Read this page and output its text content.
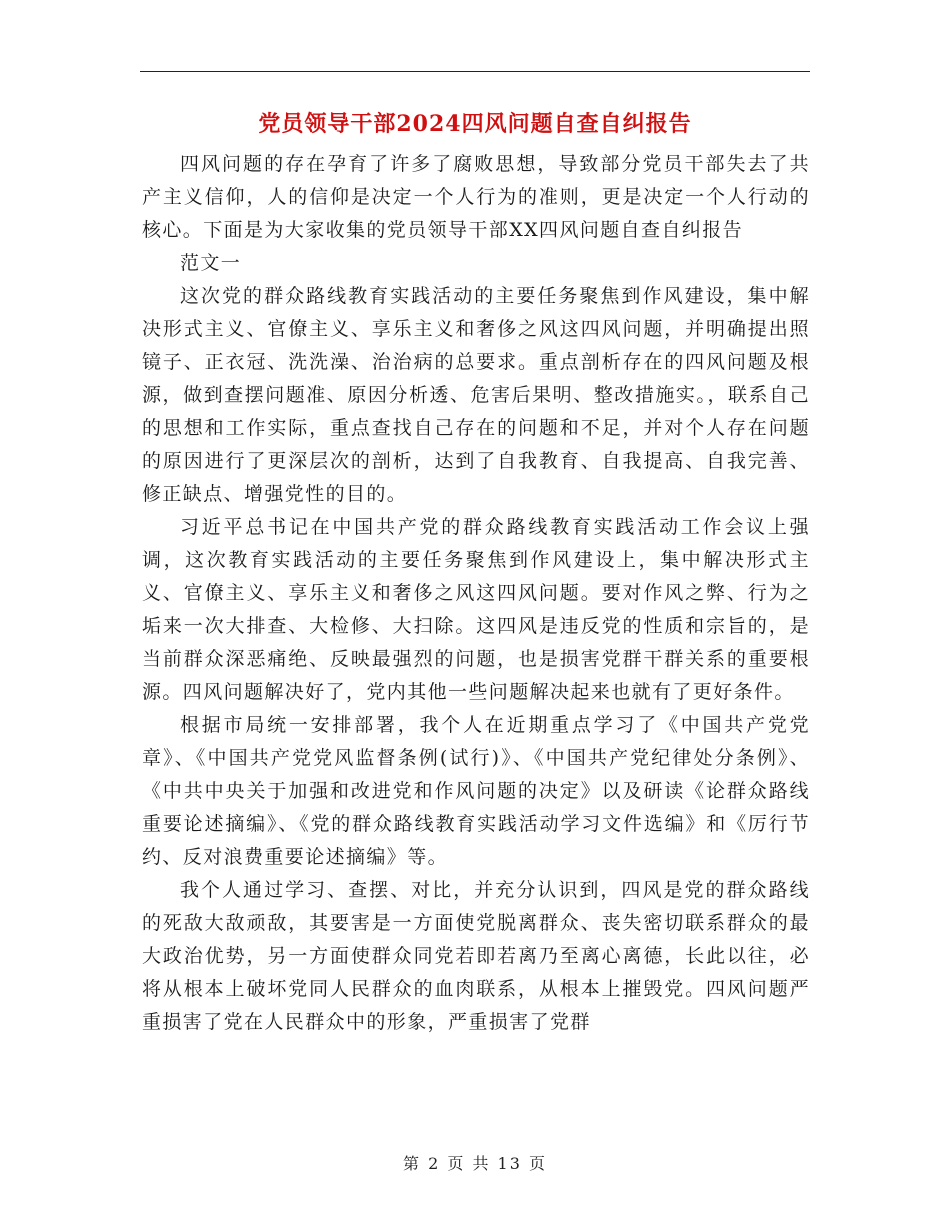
党员领导干部2024四风问题自查自纠报告

四风问题的存在孕育了许多了腐败思想，导致部分党员干部失去了共产主义信仰，人的信仰是决定一个人行为的准则，更是决定一个人行动的核心。下面是为大家收集的党员领导干部XX四风问题自查自纠报告

范文一

这次党的群众路线教育实践活动的主要任务聚焦到作风建设，集中解决形式主义、官僚主义、享乐主义和奢侈之风这四风问题，并明确提出照镜子、正衣冠、洗洗澡、治治病的总要求。重点剖析存在的四风问题及根源，做到查摆问题准、原因分析透、危害后果明、整改措施实。，联系自己的思想和工作实际，重点查找自己存在的问题和不足，并对个人存在问题的原因进行了更深层次的剖析，达到了自我教育、自我提高、自我完善、修正缺点、增强党性的目的。

习近平总书记在中国共产党的群众路线教育实践活动工作会议上强调，这次教育实践活动的主要任务聚焦到作风建设上，集中解决形式主义、官僚主义、享乐主义和奢侈之风这四风问题。要对作风之弊、行为之垢来一次大排查、大检修、大扫除。这四风是违反党的性质和宗旨的，是当前群众深恶痛绝、反映最强烈的问题，也是损害党群干群关系的重要根源。四风问题解决好了，党内其他一些问题解决起来也就有了更好条件。

根据市局统一安排部署，我个人在近期重点学习了《中国共产党党章》、《中国共产党党风监督条例(试行)》、《中国共产党纪律处分条例》、《中共中央关于加强和改进党和作风问题的决定》以及研读《论群众路线重要论述摘编》、《党的群众路线教育实践活动学习文件选编》和《厉行节约、反对浪费重要论述摘编》等。

我个人通过学习、查摆、对比，并充分认识到，四风是党的群众路线的死敌大敌顽敌，其要害是一方面使党脱离群众、丧失密切联系群众的最大政治优势，另一方面使群众同党若即若离乃至离心离德，长此以往，必将从根本上破坏党同人民群众的血肉联系，从根本上摧毁党。四风问题严重损害了党在人民群众中的形象，严重损害了党群

第 2 页 共 13 页
